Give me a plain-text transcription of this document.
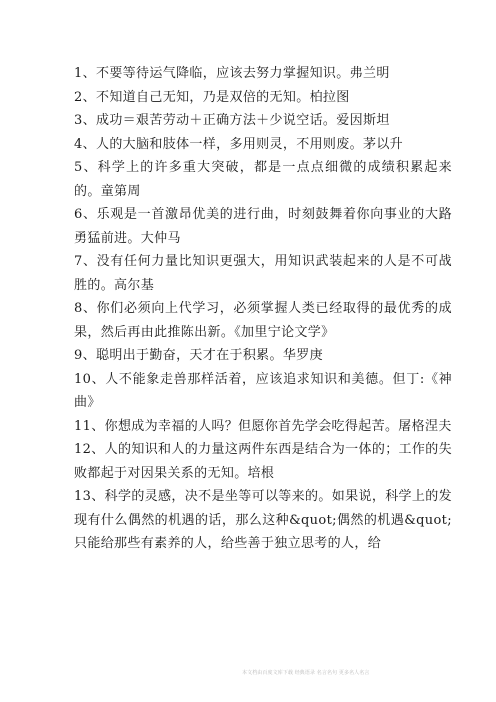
1、不要等待运气降临，应该去努力掌握知识。弗兰明

2、不知道自己无知，乃是双倍的无知。柏拉图

3、成功＝艰苦劳动＋正确方法＋少说空话。爱因斯坦

4、人的大脑和肢体一样，多用则灵，不用则废。茅以升

5、科学上的许多重大突破，都是一点点细微的成绩积累起来的。童第周

6、乐观是一首激昂优美的进行曲，时刻鼓舞着你向事业的大路勇猛前进。大仲马

7、没有任何力量比知识更强大，用知识武装起来的人是不可战胜的。高尔基

8、你们必须向上代学习，必须掌握人类已经取得的最优秀的成果，然后再由此推陈出新。《加里宁论文学》

9、聪明出于勤奋，天才在于积累。华罗庚

10、人不能象走兽那样活着，应该追求知识和美德。但丁:《神曲》

11、你想成为幸福的人吗？但愿你首先学会吃得起苦。屠格涅夫

12、人的知识和人的力量这两件东西是结合为一体的；工作的失败都起于对因果关系的无知。培根

13、科学的灵感，决不是坐等可以等来的。如果说，科学上的发现有什么偶然的机遇的话，那么这种&quot;偶然的机遇&quot;只能给那些有素养的人，给些善于独立思考的人，给

本文档由百度文库下载 经典语录 名言名句 更多名人名言
